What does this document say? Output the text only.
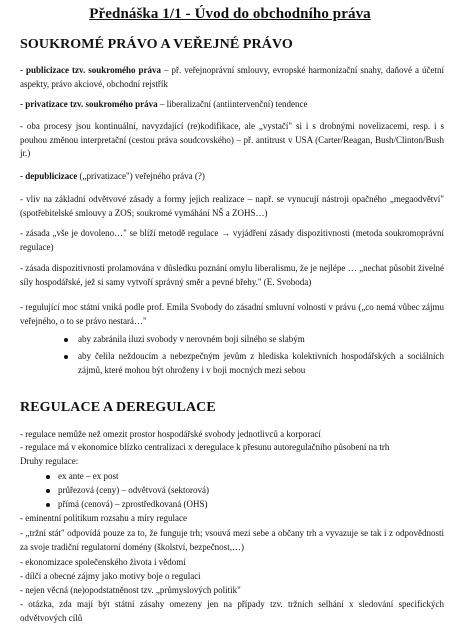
Přednáška 1/1 - Úvod do obchodního práva
SOUKROMÉ PRÁVO A VEŘEJNÉ PRÁVO
- publicizace tzv. soukromého práva – př. veřejnoprávní smlouvy, evropské harmonizační snahy, daňové a účetní aspekty, právo akciové, obchodní rejstřík
- privatizace tzv. soukromého práva – liberalizační (antiintervenční) tendence
- oba procesy jsou kontinuální, navyzdající (re)kodifikace, ale „vystačí" si i s drobnými novelizacemi, resp. i s pouhou změnou interpretační (cestou práva soudcovského) – př. antitrust v USA (Carter/Reagan, Bush/Clinton/Bush jr.)
- depublicizace („privatizace") veřejného práva (?)
- vliv na základní odvětvové zásady a formy jejich realizace – např. se vynucují nástroji opačného „megaodvětví" (spotřebitelské smlouvy a ZOS; soukromé vymáhání NŠ a ZOHS…)
- zásada „vše je dovoleno…" se blíží metodě regulace → vyjádření zásady dispozitivnosti (metoda soukromoprávní regulace)
- zásada dispozitivnosti prolamována v důsledku poznání omylu liberalismu, že je nejlépe … „nechat působit živelné síly hospodářské, jež si samy vytvoří správný směr a pevné břehy." (E. Svoboda)
- regulující moc státní vniká podle prof. Emila Svobody do zásadní smluvní volnosti v právu („co nemá vůbec zájmu veřejného, o to se právo nestará…"
aby zabránila iluzi svobody v nerovném boji silného se slabým
aby čelila neždoucím a nebezpečným jevům z hlediska kolektivních hospodářských a sociálních zájmů, které mohou být ohroženy i v boji mocných mezi sebou
REGULACE A DEREGULACE
- regulace nemůže než omezit prostor hospodářské svobody jednotlivců a korporací
- regulace má v ekonomice blízko centralizaci x deregulace k přesunu autoregulačního působení na trh
Druhy regulace:
ex ante – ex post
průřezová (ceny) – odvětvová (sektorová)
přímá (cenová) – zprostředkovaná (OHS)
- eminentní politikum rozsahu a míry regulace
- „tržní stát" odpovídá pouze za to, že funguje trh; vsouvá mezi sebe a občany trh a vyvazuje se tak i z odpovědnosti za svoje tradiční regulatorní domény (školství, bezpečnost,…)
- ekonomizace společenského života i vědomí
- dílčí a obecné zájmy jako motivy boje o regulaci
- nejen věcná (ne)opodstatněnost tzv. „průmyslových politik"
- otázka, zda mají být státní zásahy omezeny jen na případy tzv. tržních selhání x sledování specifických odvětvových cílů
